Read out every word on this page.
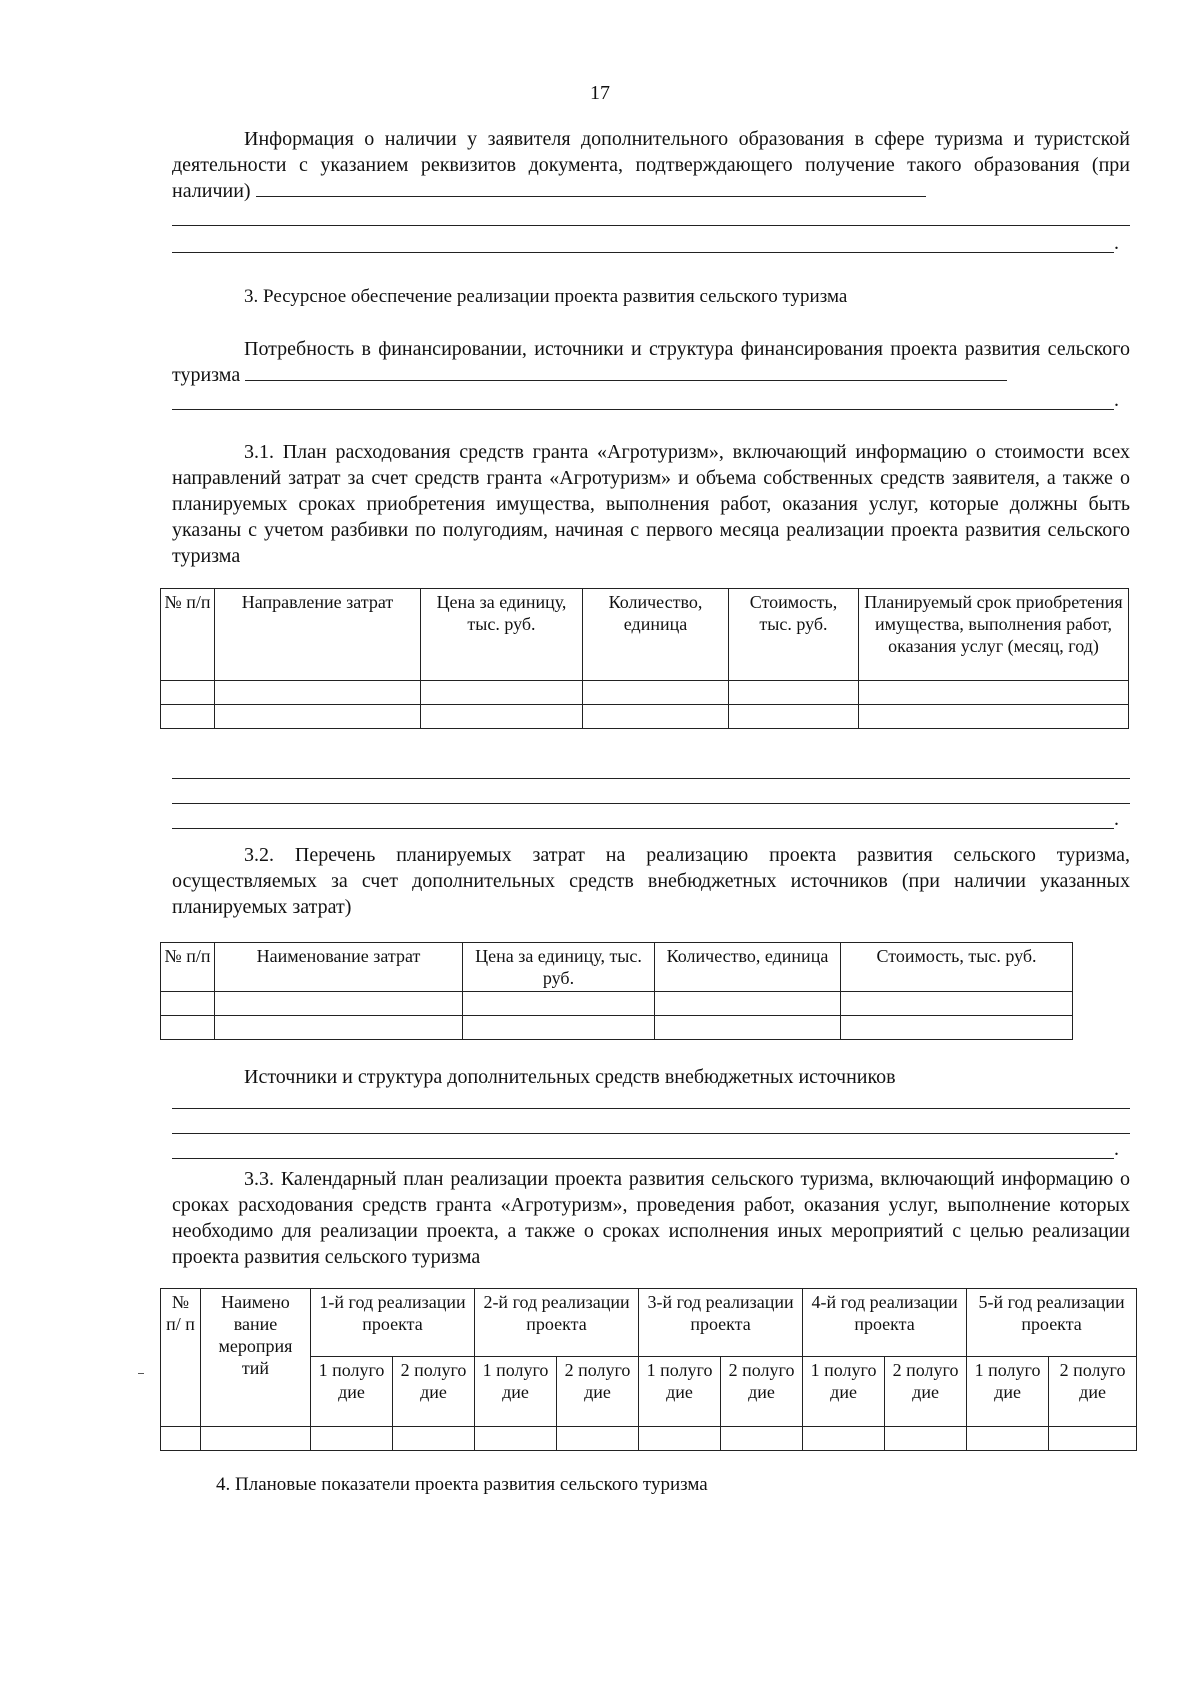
17
Информация о наличии у заявителя дополнительного образования в сфере туризма и туристской деятельности с указанием реквизитов документа, подтверждающего получение такого образования (при наличии)
.
3. Ресурсное обеспечение реализации проекта развития сельского туризма
Потребность в финансировании, источники и структура финансирования проекта развития сельского туризма
.
3.1. План расходования средств гранта «Агротуризм», включающий информацию о стоимости всех направлений затрат за счет средств гранта «Агротуризм» и объема собственных средств заявителя, а также о планируемых сроках приобретения имущества, выполнения работ, оказания услуг, которые должны быть указаны с учетом разбивки по полугодиям, начиная с первого месяца реализации проекта развития сельского туризма
№ п/п	Направление затрат	Цена за единицу, тыс. руб.	Количество, единица	Стоимость, тыс. руб.	Планируемый срок приобретения имущества, выполнения работ, оказания услуг (месяц, год)

.
3.2. Перечень планируемых затрат на реализацию проекта развития сельского туризма, осуществляемых за счет дополнительных средств внебюджетных источников (при наличии указанных планируемых затрат)
№ п/п	Наименование затрат	Цена за единицу, тыс. руб.	Количество, единица	Стоимость, тыс. руб.

Источники и структура дополнительных средств внебюджетных источников
.
3.3. Календарный план реализации проекта развития сельского туризма, включающий информацию о сроках расходования средств гранта «Агротуризм», проведения работ, оказания услуг, выполнение которых необходимо для реализации проекта, а также о сроках исполнения иных мероприятий с целью реализации проекта развития сельского туризма
№ п/ п	Наимено вание мероприя тий	1-й год реализации проекта		2-й год реализации проекта		3-й год реализации проекта		4-й год реализации проекта		5-й год реализации проекта	
		1 полуго дие	2 полуго дие	1 полуго дие	2 полуго дие	1 полуго дие	2 полуго дие	1 полуго дие	2 полуго дие	1 полуго дие	2 полуго дие

4. Плановые показатели проекта развития сельского туризма
